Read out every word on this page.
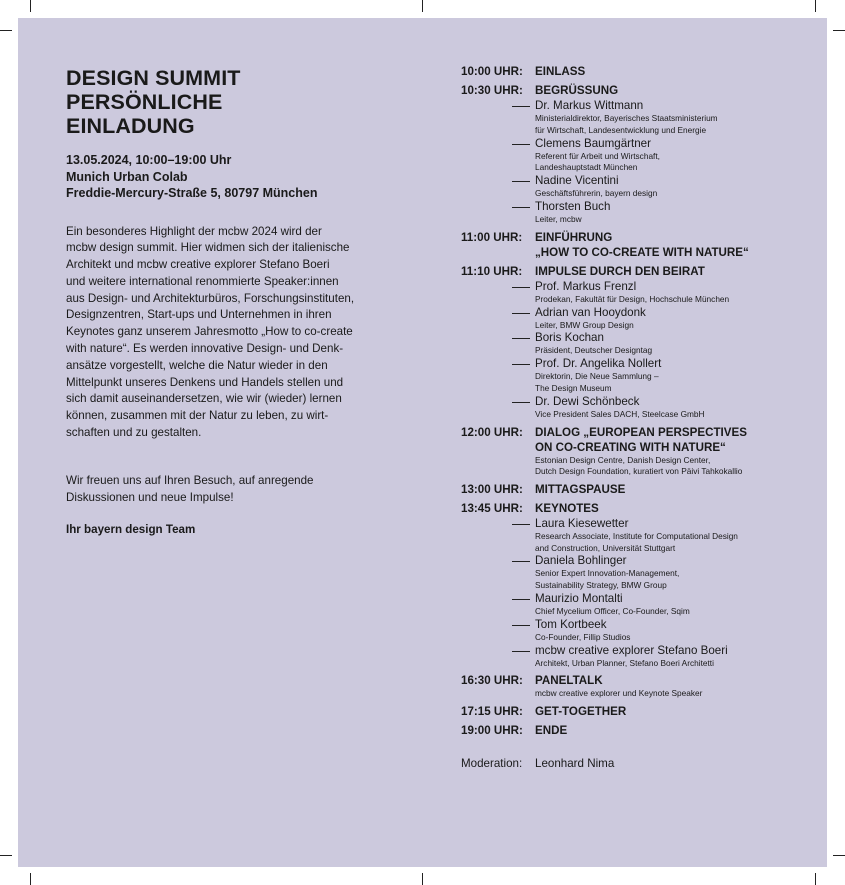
DESIGN SUMMIT
PERSÖNLICHE
EINLADUNG
13.05.2024, 10:00–19:00 Uhr
Munich Urban Colab
Freddie-Mercury-Straße 5, 80797 München
Ein besonderes Highlight der mcbw 2024 wird der
mcbw design summit. Hier widmen sich der italienische
Architekt und mcbw creative explorer Stefano Boeri
und weitere international renommierte Speaker:innen
aus Design- und Architekturbüros, Forschungsinstituten,
Designzentren, Start-ups und Unternehmen in ihren
Keynotes ganz unserem Jahresmotto „How to co-create
with nature“. Es werden innovative Design- und Denk-
ansätze vorgestellt, welche die Natur wieder in den
Mittelpunkt unseres Denkens und Handels stellen und
sich damit auseinandersetzen, wie wir (wieder) lernen
können, zusammen mit der Natur zu leben, zu wirt-
schaften und zu gestalten.
Wir freuen uns auf Ihren Besuch, auf anregende
Diskussionen und neue Impulse!
Ihr bayern design Team
10:00 UHR:	EINLASS
10:30 UHR:	BEGRÜSSUNG
Dr. Markus Wittmann
Ministerialdirektor, Bayerisches Staatsministerium
für Wirtschaft, Landesentwicklung und Energie
Clemens Baumgärtner
Referent für Arbeit und Wirtschaft,
Landeshauptstadt München
Nadine Vicentini
Geschäftsführerin, bayern design
Thorsten Buch
Leiter, mcbw
11:00 UHR:	EINFÜHRUNG
„HOW TO CO-CREATE WITH NATURE“
11:10 UHR:	IMPULSE DURCH DEN BEIRAT
Prof. Markus Frenzl
Prodekan, Fakultät für Design, Hochschule München
Adrian van Hooydonk
Leiter, BMW Group Design
Boris Kochan
Präsident, Deutscher Designtag
Prof. Dr. Angelika Nollert
Direktorin, Die Neue Sammlung –
The Design Museum
Dr. Dewi Schönbeck
Vice President Sales DACH, Steelcase GmbH
12:00 UHR:	DIALOG „EUROPEAN PERSPECTIVES
ON CO-CREATING WITH NATURE“
Estonian Design Centre, Danish Design Center,
Dutch Design Foundation, kuratiert von Päivi Tahkokallio
13:00 UHR:	MITTAGSPAUSE
13:45 UHR:	KEYNOTES
Laura Kiesewetter
Research Associate, Institute for Computational Design
and Construction, Universität Stuttgart
Daniela Bohlinger
Senior Expert Innovation-Management,
Sustainability Strategy, BMW Group
Maurizio Montalti
Chief Mycelium Officer, Co-Founder, Sqim
Tom Kortbeek
Co-Founder, Fillip Studios
mcbw creative explorer Stefano Boeri
Architekt, Urban Planner, Stefano Boeri Architetti
16:30 UHR:	PANELTALK
mcbw creative explorer und Keynote Speaker
17:15 UHR:	GET-TOGETHER
19:00 UHR:	ENDE
Moderation:	Leonhard Nima
